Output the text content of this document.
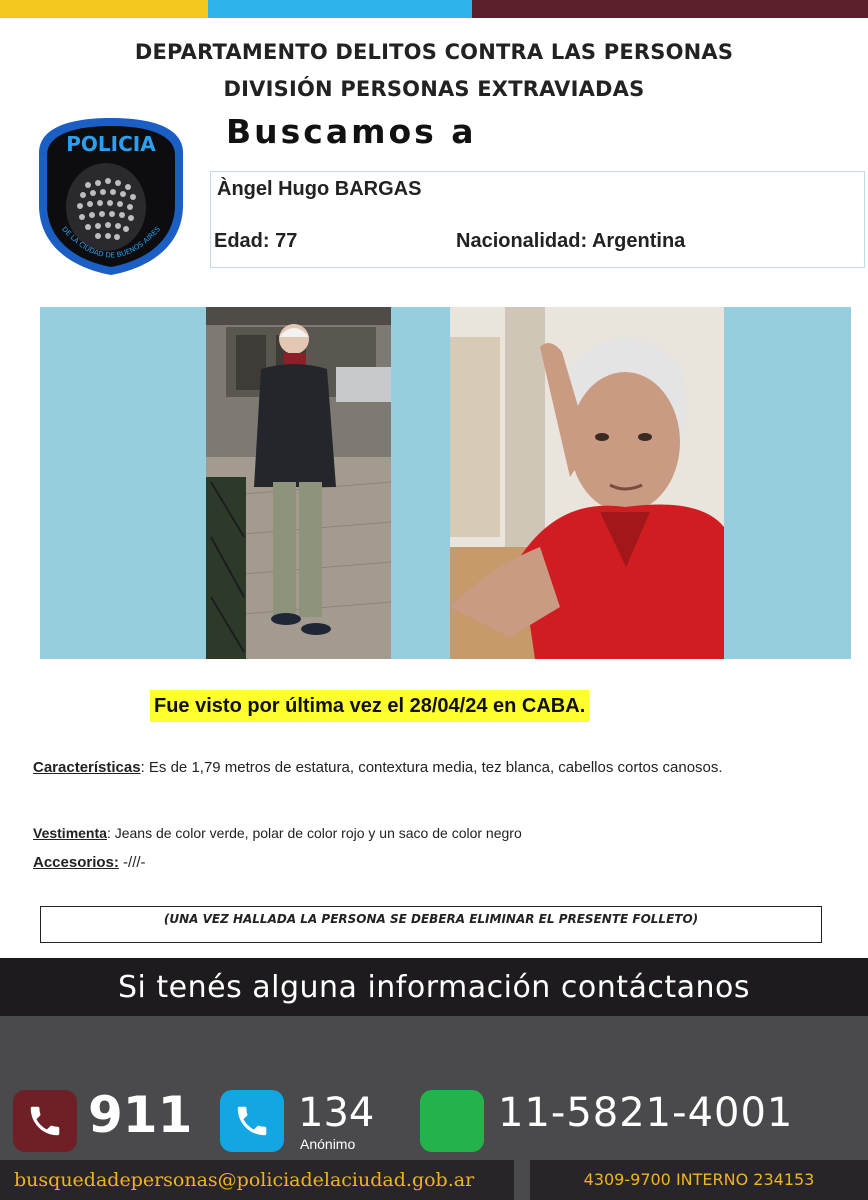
DEPARTAMENTO DELITOS CONTRA LAS PERSONAS
DIVISIÓN PERSONAS EXTRAVIADAS
POLICIA
DE LA CIUDAD DE BUENOS AIRES
Buscamos a
Àngel Hugo BARGAS
Edad: 77	Nacionalidad: Argentina
Fue visto por última vez el 28/04/24 en CABA.
Características: Es de 1,79 metros de estatura, contextura media, tez blanca, cabellos cortos canosos.
Vestimenta: Jeans de color verde, polar de color rojo y un saco de color negro
Accesorios: -///-
(UNA VEZ HALLADA LA PERSONA SE DEBERA ELIMINAR EL PRESENTE FOLLETO)
Si tenés alguna información contáctanos
911	134
Anónimo
11-5821-4001
busquedadepersonas@policiadelaciudad.gob.ar	4309-9700 INTERNO 234153
